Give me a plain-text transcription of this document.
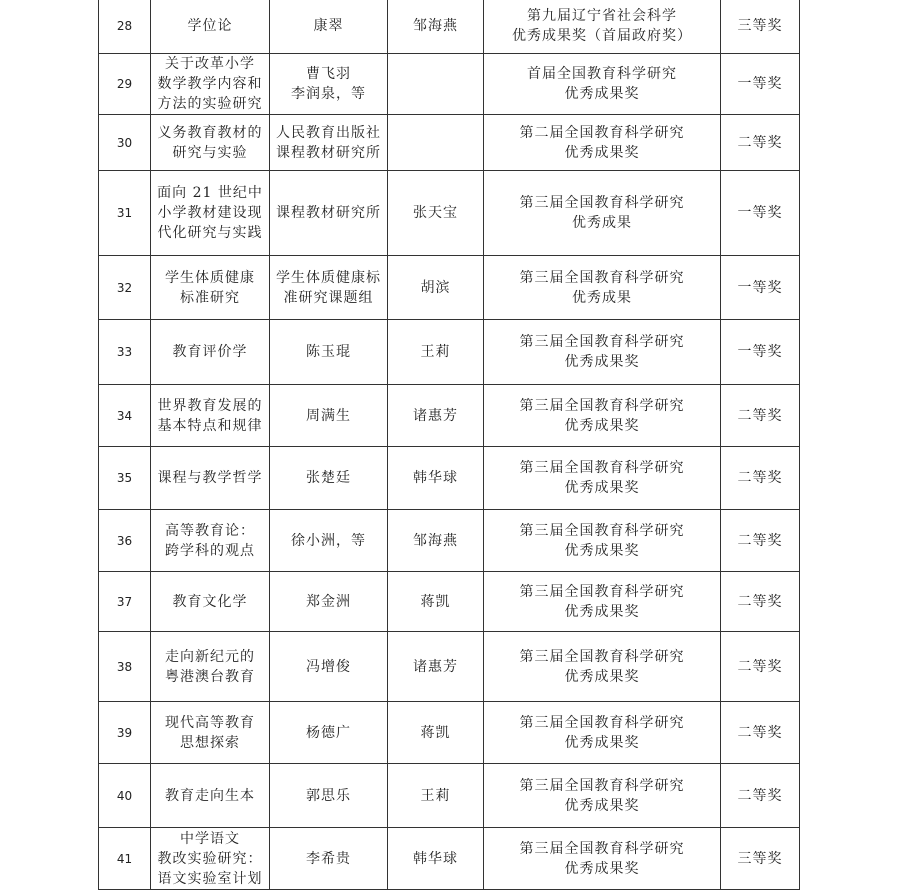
28	学位论	康翠	邹海燕	第九届辽宁省社会科学
优秀成果奖（首届政府奖）	三等奖
29	关于改革小学
数学教学内容和
方法的实验研究	曹飞羽
李润泉，等		首届全国教育科学研究
优秀成果奖	一等奖
30	义务教育教材的
研究与实验	人民教育出版社
课程教材研究所		第二届全国教育科学研究
优秀成果奖	二等奖
31	面向 21 世纪中
小学教材建设现
代化研究与实践	课程教材研究所	张天宝	第三届全国教育科学研究
优秀成果	一等奖
32	学生体质健康
标准研究	学生体质健康标
准研究课题组	胡滨	第三届全国教育科学研究
优秀成果	一等奖
33	教育评价学	陈玉琨	王莉	第三届全国教育科学研究
优秀成果奖	一等奖
34	世界教育发展的
基本特点和规律	周满生	诸惠芳	第三届全国教育科学研究
优秀成果奖	二等奖
35	课程与教学哲学	张楚廷	韩华球	第三届全国教育科学研究
优秀成果奖	二等奖
36	高等教育论：
跨学科的观点	徐小洲，等	邹海燕	第三届全国教育科学研究
优秀成果奖	二等奖
37	教育文化学	郑金洲	蒋凯	第三届全国教育科学研究
优秀成果奖	二等奖
38	走向新纪元的
粤港澳台教育	冯增俊	诸惠芳	第三届全国教育科学研究
优秀成果奖	二等奖
39	现代高等教育
思想探索	杨德广	蒋凯	第三届全国教育科学研究
优秀成果奖	二等奖
40	教育走向生本	郭思乐	王莉	第三届全国教育科学研究
优秀成果奖	二等奖
41	中学语文
教改实验研究：
语文实验室计划	李希贵	韩华球	第三届全国教育科学研究
优秀成果奖	三等奖
